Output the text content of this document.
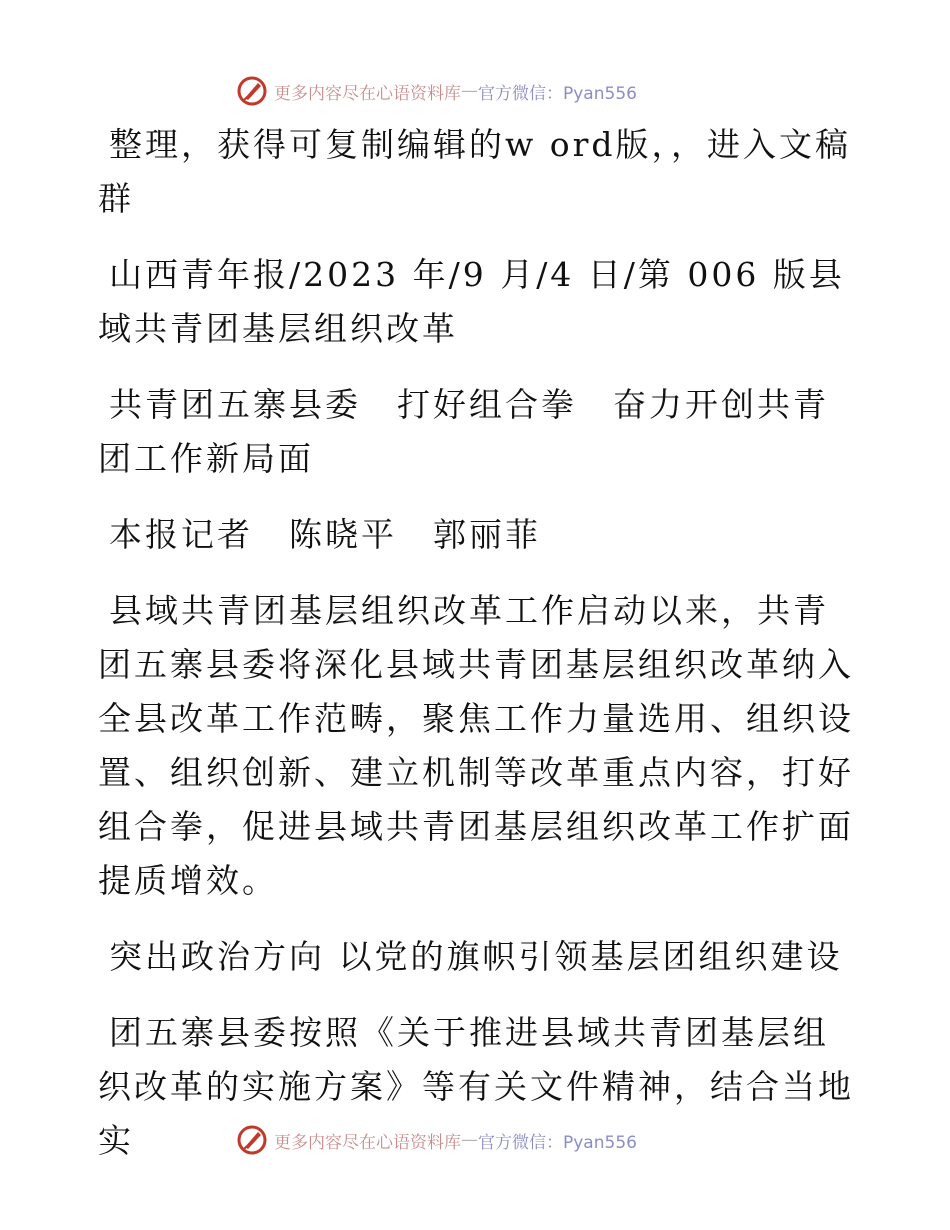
更多内容尽在心语资料库 — 官方微信：Pyan556

整理，获得可复制编辑的w ord版，，进入文稿群

山西青年报/2023 年/9 月/4 日/第 006 版县域共青团基层组织改革

共青团五寨县委　打好组合拳　奋力开创共青团工作新局面

本报记者　陈晓平　郭丽菲

县域共青团基层组织改革工作启动以来，共青团五寨县委将深化县域共青团基层组织改革纳入全县改革工作范畴，聚焦工作力量选用、组织设置、组织创新、建立机制等改革重点内容，打好组合拳，促进县域共青团基层组织改革工作扩面提质增效。

突出政治方向 以党的旗帜引领基层团组织建设

团五寨县委按照《关于推进县域共青团基层组织改革的实施方案》等有关文件精神，结合当地实	更多内容尽在心语资料库 — 官方微信：Pyan556
